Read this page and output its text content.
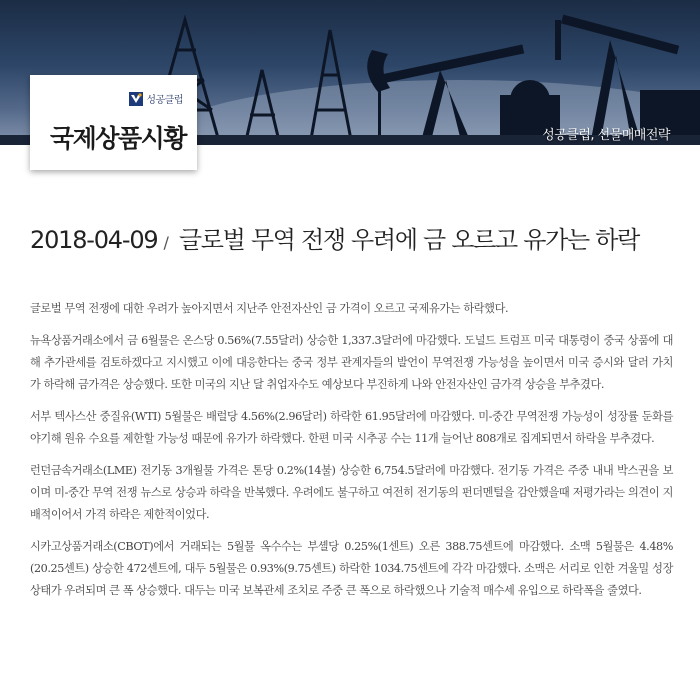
성공클럽, 선물매매전략
성공클럽
국제상품시황
2018-04-09 / 글로벌 무역 전쟁 우려에 금 오르고 유가는 하락

글로벌 무역 전쟁에 대한 우려가 높아지면서 지난주 안전자산인 금 가격이 오르고 국제유가는 하락했다.

뉴욕상품거래소에서 금 6월물은 온스당 0.56%(7.55달러) 상승한 1,337.3달러에 마감했다. 도널드 트럼프 미국 대통령이 중국 상품에 대해 추가관세를 검토하겠다고 지시했고 이에 대응한다는 중국 정부 관계자들의 발언이 무역전쟁 가능성을 높이면서 미국 증시와 달러 가치가 하락해 금가격은 상승했다. 또한 미국의 지난 달 취업자수도 예상보다 부진하게 나와 안전자산인 금가격 상승을 부추겼다.

서부 텍사스산 중질유(WTI) 5월물은 배럴당 4.56%(2.96달러) 하락한 61.95달러에 마감했다. 미-중간 무역전쟁 가능성이 성장률 둔화를 야기해 원유 수요를 제한할 가능성 때문에 유가가 하락했다. 한편 미국 시추공 수는 11개 늘어난 808개로 집계되면서 하락을 부추겼다.

런던금속거래소(LME) 전기동 3개월물 가격은 톤당 0.2%(14불) 상승한 6,754.5달러에 마감했다. 전기동 가격은 주중 내내 박스권을 보이며 미-중간 무역 전쟁 뉴스로 상승과 하락을 반복했다. 우려에도 불구하고 여전히 전기동의 펀더멘털을 감안했을때 저평가라는 의견이 지배적이어서 가격 하락은 제한적이었다.

시카고상품거래소(CBOT)에서 거래되는 5월물 옥수수는 부셸당 0.25%(1센트) 오른 388.75센트에 마감했다. 소맥 5월물은 4.48%(20.25센트) 상승한 472센트에, 대두 5월물은 0.93%(9.75센트) 하락한 1034.75센트에 각각 마감했다. 소맥은 서리로 인한 겨울밀 성장 상태가 우려되며 큰 폭 상승했다. 대두는 미국 보복관세 조치로 주중 큰 폭으로 하락했으나 기술적 매수세 유입으로 하락폭을 줄였다.
